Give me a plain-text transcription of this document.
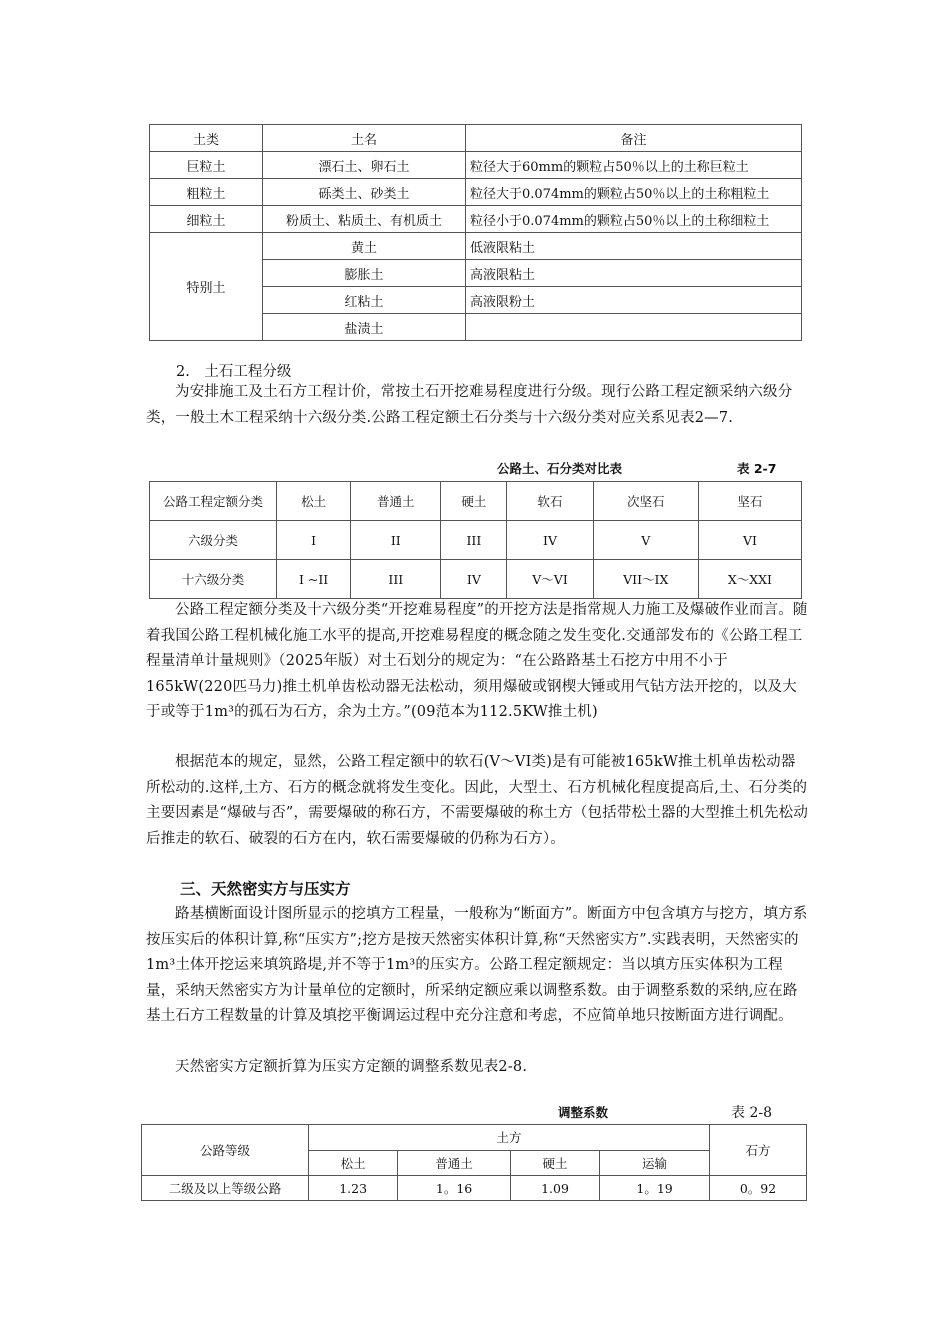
土类	土名	备注
巨粒土	漂石土、卵石土	粒径大于60mm的颗粒占50％以上的土称巨粒土
粗粒土	砾类土、砂类土	粒径大于0.074mm的颗粒占50％以上的土称粗粒土
细粒土	粉质土、粘质土、有机质土	粒径小于0.074mm的颗粒占50％以上的土称细粒土
特别土	黄土	低液限粘土
	膨胀土	高液限粘土
	红粘土	高液限粉土
	盐渍土	
2.　土石工程分级

为安排施工及土石方工程计价，常按土石开挖难易程度进行分级。现行公路工程定额采纳六级分类，一般土木工程采纳十六级分类.公路工程定额土石分类与十六级分类对应关系见表2—7.

公路土、石分类对比表	表 2-7
公路工程定额分类	松土	普通土	硬土	软石	次坚石	坚石
六级分类	I	II	III	IV	V	VI
十六级分类	I ~II	III	IV	V～VI	VII～IX	X～XXI

公路工程定额分类及十六级分类“开挖难易程度”的开挖方法是指常规人力施工及爆破作业而言。随着我国公路工程机械化施工水平的提高,开挖难易程度的概念随之发生变化.交通部发布的《公路工程工程量清单计量规则》（2025年版）对土石划分的规定为：“在公路路基土石挖方中用不小于165kW(220匹马力)推土机单齿松动器无法松动，须用爆破或钢楔大锤或用气钻方法开挖的，以及大于或等于1m³的孤石为石方，余为土方。”(09范本为112.5KW推土机)

根据范本的规定，显然，公路工程定额中的软石(V～VI类)是有可能被165kW推土机单齿松动器所松动的.这样,土方、石方的概念就将发生变化。因此，大型土、石方机械化程度提高后,土、石分类的主要因素是“爆破与否”，需要爆破的称石方，不需要爆破的称土方（包括带松土器的大型推土机先松动后推走的软石、破裂的石方在内，软石需要爆破的仍称为石方）。

三、天然密实方与压实方

路基横断面设计图所显示的挖填方工程量，一般称为“断面方”。断面方中包含填方与挖方，填方系按压实后的体积计算,称“压实方”;挖方是按天然密实体积计算,称“天然密实方”.实践表明，天然密实的1m³土体开挖运来填筑路堤,并不等于1m³的压实方。公路工程定额规定：当以填方压实体积为工程量，采纳天然密实方为计量单位的定额时，所采纳定额应乘以调整系数。由于调整系数的采纳,应在路基土石方工程数量的计算及填挖平衡调运过程中充分注意和考虑，不应简单地只按断面方进行调配。

天然密实方定额折算为压实方定额的调整系数见表2-8.

调整系数	表 2-8
公路等级	土方				石方
	松土	普通土	硬土	运输	
二级及以上等级公路	1.23	1。16	1.09	1。19	0。92
